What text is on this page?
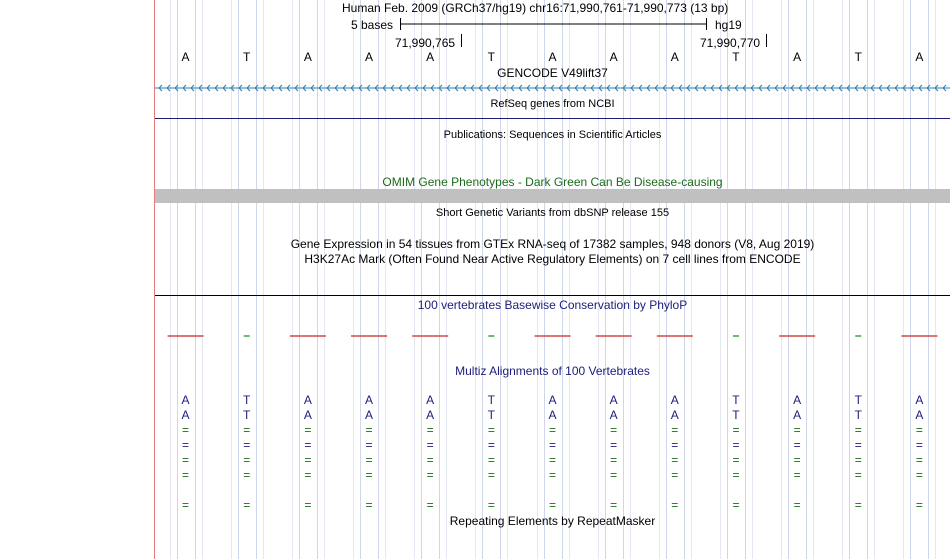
Human Feb. 2009 (GRCh37/hg19) chr16:71,990,761-71,990,773 (13 bp)
5 bases	hg19
71,990,765	71,990,770
A	T	A	A	A	T	A	A	A	T	A	T	A
GENCODE V49lift37
RefSeq genes from NCBI
Publications: Sequences in Scientific Articles
OMIM Gene Phenotypes - Dark Green Can Be Disease-causing
Short Genetic Variants from dbSNP release 155
Gene Expression in 54 tissues from GTEx RNA-seq of 17382 samples, 948 donors (V8, Aug 2019)
H3K27Ac Mark (Often Found Near Active Regulatory Elements) on 7 cell lines from ENCODE
100 vertebrates Basewise Conservation by PhyloP
Multiz Alignments of 100 Vertebrates
A	T	A	A	A	T	A	A	A	T	A	T	A
A	T	A	A	A	T	A	A	A	T	A	T	A
=	=	=	=	=	=	=	=	=	=	=	=	=
=	=	=	=	=	=	=	=	=	=	=	=	=
=	=	=	=	=	=	=	=	=	=	=	=	=
=	=	=	=	=	=	=	=	=	=	=	=	=
=	=	=	=	=	=	=	=	=	=	=	=	=
Repeating Elements by RepeatMasker
